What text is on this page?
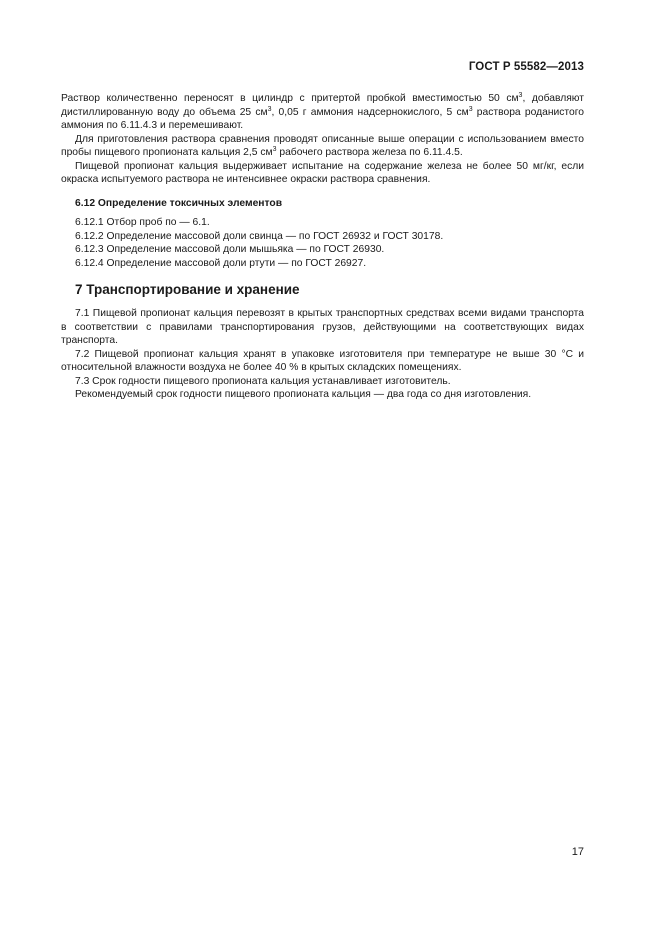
ГОСТ Р 55582—2013

Раствор количественно переносят в цилиндр с притертой пробкой вместимостью 50 $см^3$, добавляют дистиллированную воду до объема 25 $см^3$, 0,05 г аммония надсернокислого, 5 $см^3$ раствора роданистого аммония по 6.11.4.3 и перемешивают.

Для приготовления раствора сравнения проводят описанные выше операции с использованием вместо пробы пищевого пропионата кальция 2,5 $см^3$ рабочего раствора железа по 6.11.4.5.

Пищевой пропионат кальция выдерживает испытание на содержание железа не более 50 мг/кг, если окраска испытуемого раствора не интенсивнее окраски раствора сравнения.

6.12 Определение токсичных элементов

6.12.1 Отбор проб по — 6.1.

6.12.2 Определение массовой доли свинца — по ГОСТ 26932 и ГОСТ 30178.

6.12.3 Определение массовой доли мышьяка — по ГОСТ 26930.

6.12.4 Определение массовой доли ртути — по ГОСТ 26927.

7 Транспортирование и хранение

7.1 Пищевой пропионат кальция перевозят в крытых транспортных средствах всеми видами транспорта в соответствии с правилами транспортирования грузов, действующими на соответствующих видах транспорта.

7.2 Пищевой пропионат кальция хранят в упаковке изготовителя при температуре не выше 30 °С и относительной влажности воздуха не более 40 % в крытых складских помещениях.

7.3 Срок годности пищевого пропионата кальция устанавливает изготовитель.

Рекомендуемый срок годности пищевого пропионата кальция — два года со дня изготовления.

17
